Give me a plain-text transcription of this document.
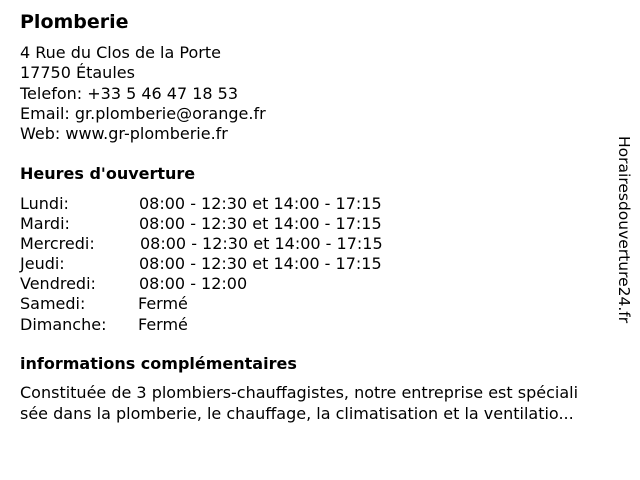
Plomberie
4 Rue du Clos de la Porte
17750 Étaules
Telefon: +33 5 46 47 18 53
Email: gr.plomberie@orange.fr
Web: www.gr-plomberie.fr
Heures d'ouverture
Lundi:	08:00 - 12:30 et 14:00 - 17:15
Mardi:	08:00 - 12:30 et 14:00 - 17:15
Mercredi:	08:00 - 12:30 et 14:00 - 17:15
Jeudi:	08:00 - 12:30 et 14:00 - 17:15
Vendredi:	08:00 - 12:00
Samedi:	Fermé
Dimanche: Fermé
informations complémentaires
Constituée de 3 plombiers-chauffagistes, notre entreprise est spéciali
sée dans la plomberie, le chauffage, la climatisation et la ventilatio...
Horairesdouverture24.fr
